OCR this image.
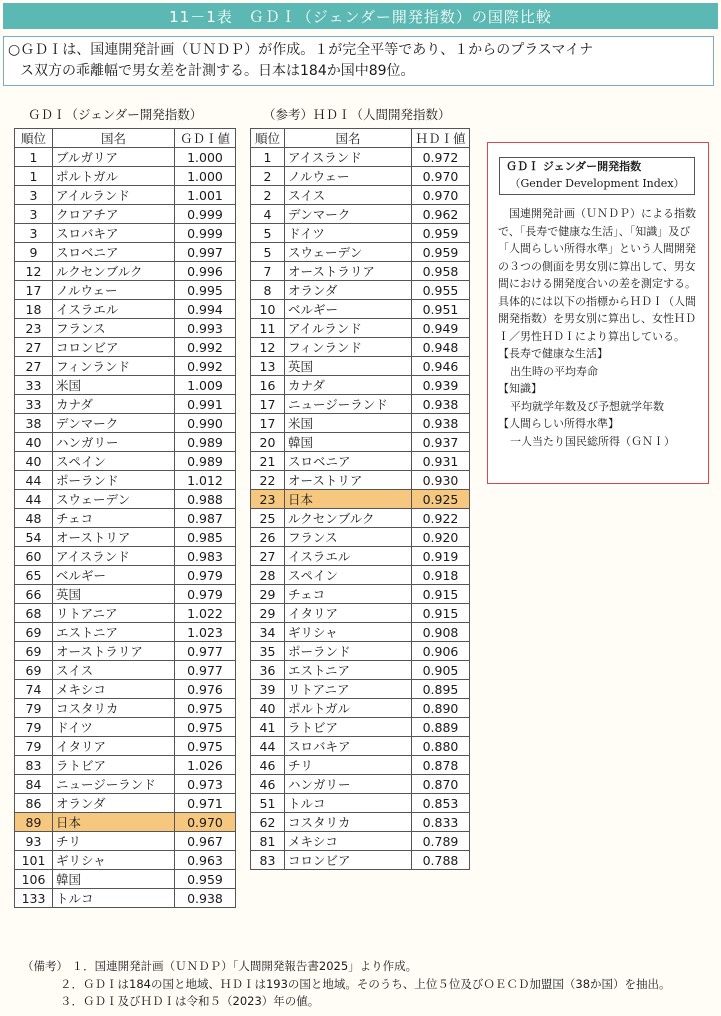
11－1表　ＧＤＩ（ジェンダー開発指数）の国際比較
○ＧＤＩは、国連開発計画（ＵＮＤＰ）が作成。１が完全平等であり、１からのプラスマイナ
ス双方の乖離幅で男女差を計測する。日本は184か国中89位。
ＧＤＩ（ジェンダー開発指数）
順位	国名	ＧＤＩ値
1	ブルガリア	1.000
1	ポルトガル	1.000
3	アイルランド	1.001
3	クロアチア	0.999
3	スロバキア	0.999
9	スロベニア	0.997
12	ルクセンブルク	0.996
17	ノルウェー	0.995
18	イスラエル	0.994
23	フランス	0.993
27	コロンビア	0.992
27	フィンランド	0.992
33	米国	1.009
33	カナダ	0.991
38	デンマーク	0.990
40	ハンガリー	0.989
40	スペイン	0.989
44	ポーランド	1.012
44	スウェーデン	0.988
48	チェコ	0.987
54	オーストリア	0.985
60	アイスランド	0.983
65	ベルギー	0.979
66	英国	0.979
68	リトアニア	1.022
69	エストニア	1.023
69	オーストラリア	0.977
69	スイス	0.977
74	メキシコ	0.976
79	コスタリカ	0.975
79	ドイツ	0.975
79	イタリア	0.975
83	ラトビア	1.026
84	ニュージーランド	0.973
86	オランダ	0.971
89	日本	0.970
93	チリ	0.967
101	ギリシャ	0.963
106	韓国	0.959
133	トルコ	0.938
（参考）ＨＤＩ（人間開発指数）
順位	国名	ＨＤＩ値
1	アイスランド	0.972
2	ノルウェー	0.970
2	スイス	0.970
4	デンマーク	0.962
5	ドイツ	0.959
5	スウェーデン	0.959
7	オーストラリア	0.958
8	オランダ	0.955
10	ベルギー	0.951
11	アイルランド	0.949
12	フィンランド	0.948
13	英国	0.946
16	カナダ	0.939
17	ニュージーランド	0.938
17	米国	0.938
20	韓国	0.937
21	スロベニア	0.931
22	オーストリア	0.930
23	日本	0.925
25	ルクセンブルク	0.922
26	フランス	0.920
27	イスラエル	0.919
28	スペイン	0.918
29	チェコ	0.915
29	イタリア	0.915
34	ギリシャ	0.908
35	ポーランド	0.906
36	エストニア	0.905
39	リトアニア	0.895
40	ポルトガル	0.890
41	ラトビア	0.889
44	スロバキア	0.880
46	チリ	0.878
46	ハンガリー	0.870
51	トルコ	0.853
62	コスタリカ	0.833
81	メキシコ	0.789
83	コロンビア	0.788
ＧＤＩ ジェンダー開発指数
（Gender Development Index）
　国連開発計画（ＵＮＤＰ）による指数で、「長寿で健康な生活」、「知識」及び「人間らしい所得水準」という人間開発の３つの側面を男女別に算出して、男女間における開発度合いの差を測定する。具体的には以下の指標からＨＤＩ（人間開発指数）を男女別に算出し、女性ＨＤＩ／男性ＨＤＩにより算出している。
【長寿で健康な生活】
出生時の平均寿命
【知識】
平均就学年数及び予想就学年数
【人間らしい所得水準】
一人当たり国民総所得（ＧＮＩ）
（備考） １．国連開発計画（ＵＮＤＰ）「人間開発報告書2025」より作成。
２．ＧＤＩは184の国と地域、ＨＤＩは193の国と地域。そのうち、上位５位及びＯＥＣＤ加盟国（38か国）を抽出。
３．ＧＤＩ及びＨＤＩは令和５（2023）年の値。
